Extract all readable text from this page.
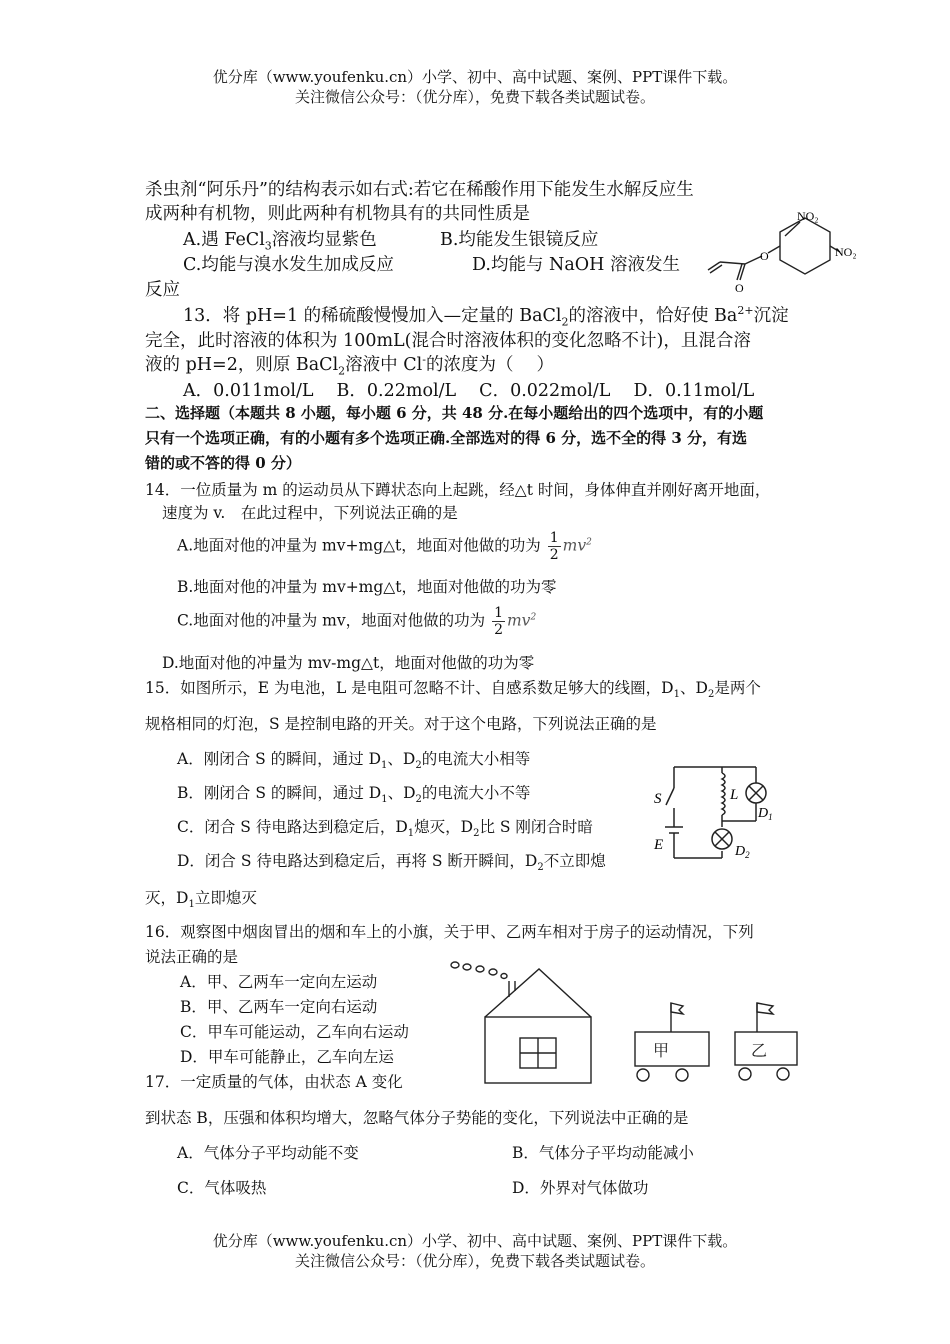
优分库（www.youfenku.cn）小学、初中、高中试题、案例、PPT课件下载。
关注微信公众号：（优分库），免费下载各类试题试卷。
杀虫剂“阿乐丹”的结构表示如右式:若它在稀酸作用下能发生水解反应生
成两种有机物，则此两种有机物具有的共同性质是
A.遇 FeCl$_3$溶液均显紫色	B.均能发生银镜反应
C.均能与溴水发生加成反应	D.均能与 NaOH 溶液发生
反应
NO₂
NO₂
O
O
13．将 pH=1 的稀硫酸慢慢加入—定量的 BaCl$_2$的溶液中，恰好使 $Ba^{2+}$沉淀
完全，此时溶液的体积为 100mL(混合时溶液体积的变化忽略不计)，且混合溶
液的 pH=2，则原 BaCl$_2$溶液中 Cl-的浓度为（　 ）
A．0.011mol/L　 B．0.22mol/L　 C．0.022mol/L　 D．0.11mol/L
二、选择题（本题共 8 小题，每小题 6 分，共 48 分.在每小题给出的四个选项中，有的小题
只有一个选项正确，有的小题有多个选项正确.全部选对的得 6 分，选不全的得 3 分，有选
错的或不答的得 0 分）
14．一位质量为 m 的运动员从下蹲状态向上起跳，经△t 时间，身体伸直并刚好离开地面，
速度为 v.　在此过程中，下列说法正确的是
A.地面对他的冲量为 mv+mg△t，地面对他做的功为 $\frac{1}{2} mv^2$
B.地面对他的冲量为 mv+mg△t，地面对他做的功为零
C.地面对他的冲量为 mv，地面对他做的功为 $\frac{1}{2} mv^2$
D.地面对他的冲量为 mv-mg△t，地面对他做的功为零
15．如图所示，E 为电池，L 是电阻可忽略不计、自感系数足够大的线圈，$D_1$、$D_2$是两个
规格相同的灯泡，S 是控制电路的开关。对于这个电路，下列说法正确的是
A．刚闭合 S 的瞬间，通过 $D_1$、$D_2$的电流大小相等
B．刚闭合 S 的瞬间，通过 $D_1$、$D_2$的电流大小不等
C．闭合 S 待电路达到稳定后，$D_1$熄灭，$D_2$比 S 刚闭合时暗
D．闭合 S 待电路达到稳定后，再将 S 断开瞬间，$D_2$不立即熄
灭，$D_1$立即熄灭
S
E
L
$D_1$
$D_2$
16．观察图中烟囱冒出的烟和车上的小旗，关于甲、乙两车相对于房子的运动情况，下列
说法正确的是
A．甲、乙两车一定向左运动
B．甲、乙两车一定向右运动
C．甲车可能运动，乙车向右运动
D．甲车可能静止，乙车向左运	甲	乙
17．一定质量的气体，由状态 A 变化
到状态 B，压强和体积均增大，忽略气体分子势能的变化，下列说法中正确的是
A．气体分子平均动能不变	B．气体分子平均动能减小
C．气体吸热	D．外界对气体做功
优分库（www.youfenku.cn）小学、初中、高中试题、案例、PPT课件下载。
关注微信公众号：（优分库），免费下载各类试题试卷。
